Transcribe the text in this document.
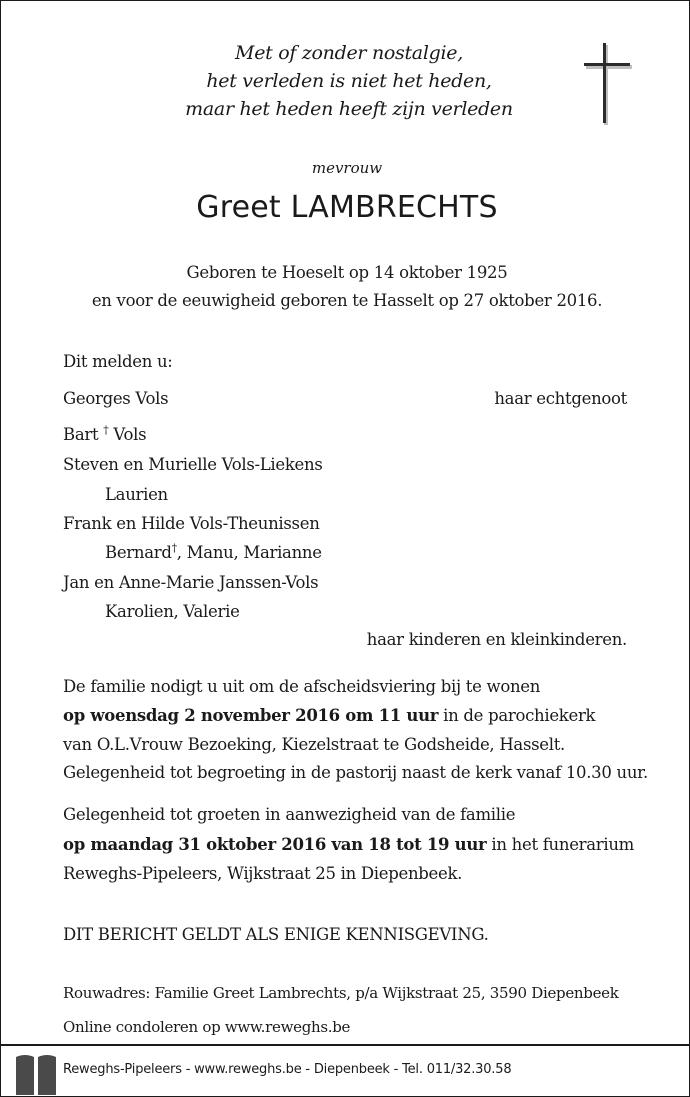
Met of zonder nostalgie,
het verleden is niet het heden,
maar het heden heeft zijn verleden
mevrouw
Greet LAMBRECHTS
Geboren te Hoeselt op 14 oktober 1925
en voor de eeuwigheid geboren te Hasselt op 27 oktober 2016.
Dit melden u:
Georges Vols	haar echtgenoot
Bart † Vols
Steven en Murielle Vols-Liekens
Laurien
Frank en Hilde Vols-Theunissen
Bernard†, Manu, Marianne
Jan en Anne-Marie Janssen-Vols
Karolien, Valerie
haar kinderen en kleinkinderen.
De familie nodigt u uit om de afscheidsviering bij te wonen
op woensdag 2 november 2016 om 11 uur in de parochiekerk
van O.L.Vrouw Bezoeking, Kiezelstraat te Godsheide, Hasselt.
Gelegenheid tot begroeting in de pastorij naast de kerk vanaf 10.30 uur.
Gelegenheid tot groeten in aanwezigheid van de familie
op maandag 31 oktober 2016 van 18 tot 19 uur in het funerarium
Reweghs-Pipeleers, Wijkstraat 25 in Diepenbeek.
DIT BERICHT GELDT ALS ENIGE KENNISGEVING.
Rouwadres: Familie Greet Lambrechts, p/a Wijkstraat 25, 3590 Diepenbeek
Online condoleren op www.reweghs.be
Reweghs-Pipeleers - www.reweghs.be - Diepenbeek - Tel. 011/32.30.58
